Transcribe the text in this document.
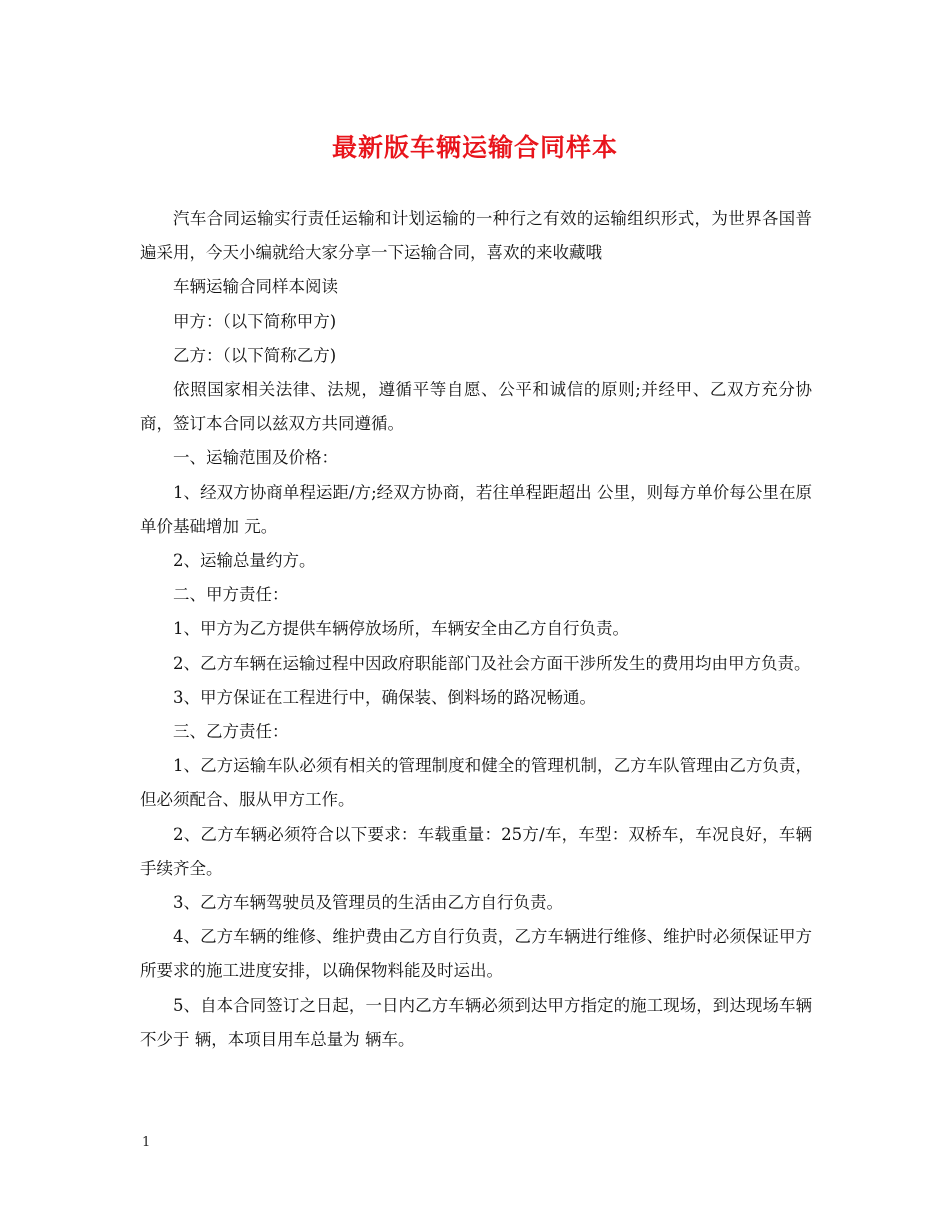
最新版车辆运输合同样本

汽车合同运输实行责任运输和计划运输的一种行之有效的运输组织形式，为世界各国普遍采用，今天小编就给大家分享一下运输合同，喜欢的来收藏哦

车辆运输合同样本阅读

甲方：（以下简称甲方)

乙方：（以下简称乙方)

依照国家相关法律、法规，遵循平等自愿、公平和诚信的原则;并经甲、乙双方充分协商，签订本合同以兹双方共同遵循。

一、运输范围及价格：

1、经双方协商单程运距/方;经双方协商，若往单程距超出 公里，则每方单价每公里在原单价基础增加 元。

2、运输总量约方。

二、甲方责任：

1、甲方为乙方提供车辆停放场所，车辆安全由乙方自行负责。

2、乙方车辆在运输过程中因政府职能部门及社会方面干涉所发生的费用均由甲方负责。

3、甲方保证在工程进行中，确保装、倒料场的路况畅通。

三、乙方责任：

1、乙方运输车队必须有相关的管理制度和健全的管理机制，乙方车队管理由乙方负责，但必须配合、服从甲方工作。

2、乙方车辆必须符合以下要求：车载重量：25方/车，车型：双桥车，车况良好，车辆手续齐全。

3、乙方车辆驾驶员及管理员的生活由乙方自行负责。

4、乙方车辆的维修、维护费由乙方自行负责，乙方车辆进行维修、维护时必须保证甲方所要求的施工进度安排，以确保物料能及时运出。

5、自本合同签订之日起，一日内乙方车辆必须到达甲方指定的施工现场，到达现场车辆不少于 辆，本项目用车总量为 辆车。

1
